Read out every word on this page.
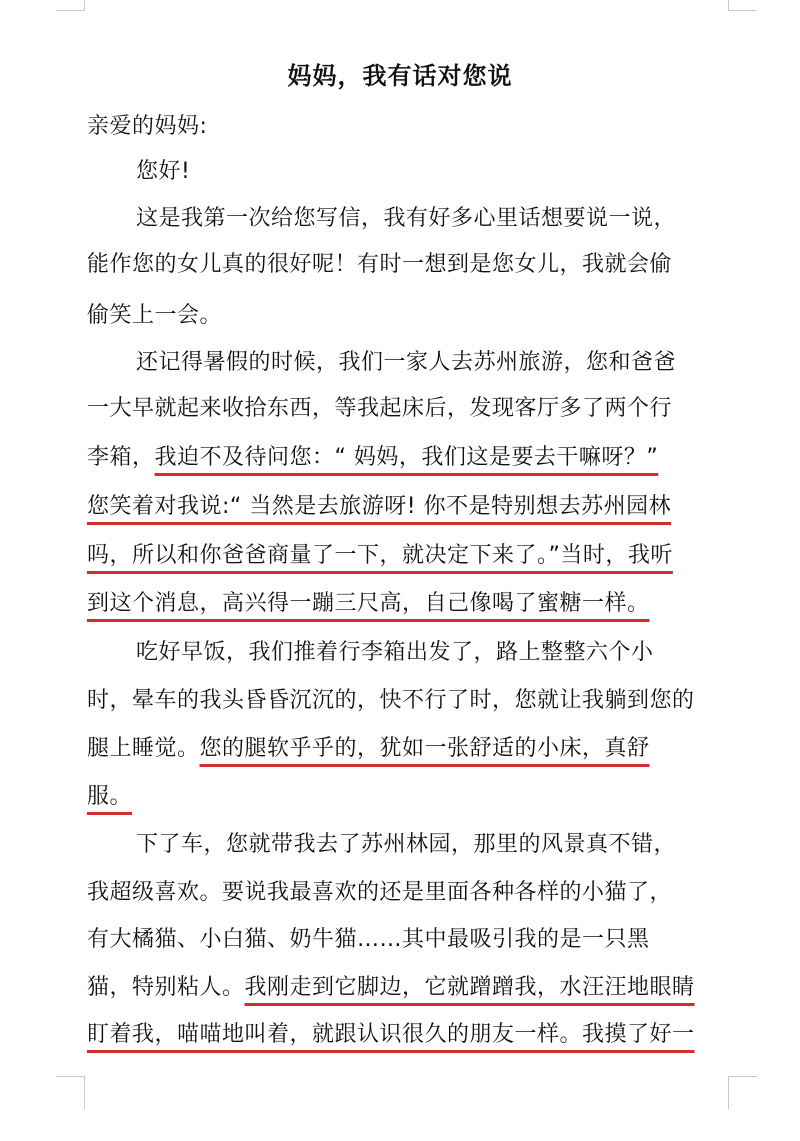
妈妈，我有话对您说
亲爱的妈妈:
您好!
这是我第一次给您写信，我有好多心里话想要说一说，
能作您的女儿真的很好呢！有时一想到是您女儿，我就会偷
偷笑上一会。
还记得暑假的时候，我们一家人去苏州旅游，您和爸爸
一大早就起来收拾东西，等我起床后，发现客厅多了两个行
李箱，我迫不及待问您：“ 妈妈，我们这是要去干嘛呀？”
您笑着对我说:“ 当然是去旅游呀! 你不是特别想去苏州园林
吗，所以和你爸爸商量了一下，就决定下来了。”当时，我听
到这个消息，高兴得一蹦三尺高，自己像喝了蜜糖一样。
吃好早饭，我们推着行李箱出发了，路上整整六个小
时，晕车的我头昏昏沉沉的，快不行了时，您就让我躺到您的
腿上睡觉。您的腿软乎乎的，犹如一张舒适的小床，真舒
服。
下了车，您就带我去了苏州林园，那里的风景真不错，
我超级喜欢。要说我最喜欢的还是里面各种各样的小猫了，
有大橘猫、小白猫、奶牛猫……其中最吸引我的是一只黑
猫，特别粘人。我刚走到它脚边，它就蹭蹭我，水汪汪地眼睛
盯着我，喵喵地叫着，就跟认识很久的朋友一样。我摸了好一
